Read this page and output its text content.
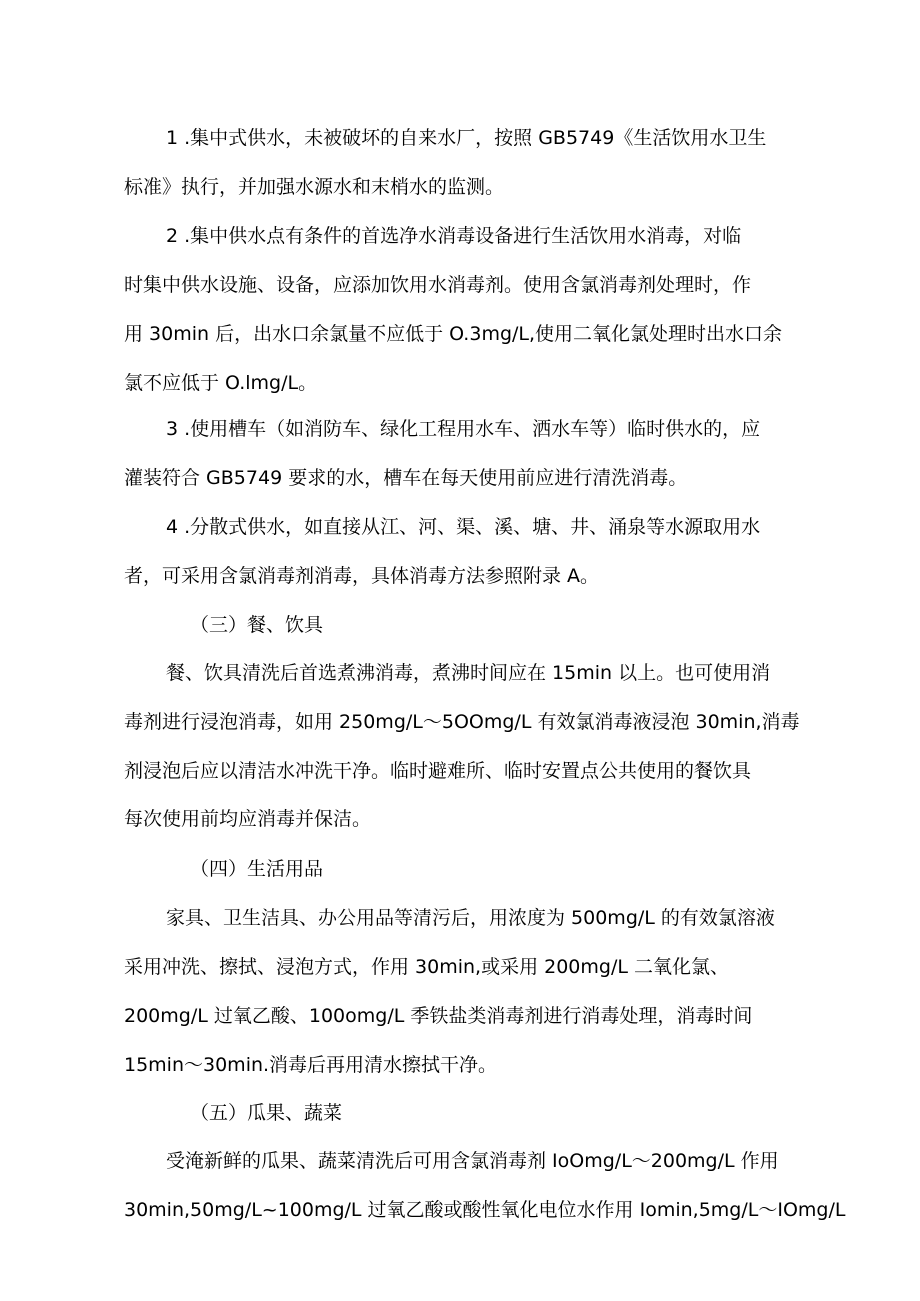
1 .集中式供水，未被破坏的自来水厂，按照 GB5749《生活饮用水卫生
标准》执行，并加强水源水和末梢水的监测。
2 .集中供水点有条件的首选净水消毒设备进行生活饮用水消毒，对临
时集中供水设施、设备，应添加饮用水消毒剂。使用含氯消毒剂处理时，作
用 30min 后，出水口余氯量不应低于 O.3mg/L,使用二氧化氯处理时出水口余
氯不应低于 O.lmg/L。
3 .使用槽车（如消防车、绿化工程用水车、洒水车等）临时供水的，应
灌装符合 GB5749 要求的水，槽车在每天使用前应进行清洗消毒。
4 .分散式供水，如直接从江、河、渠、溪、塘、井、涌泉等水源取用水
者，可采用含氯消毒剂消毒，具体消毒方法参照附录 A。
（三）餐、饮具
餐、饮具清洗后首选煮沸消毒，煮沸时间应在 15min 以上。也可使用消
毒剂进行浸泡消毒，如用 250mg/L〜5OOmg/L 有效氯消毒液浸泡 30min,消毒
剂浸泡后应以清洁水冲洗干净。临时避难所、临时安置点公共使用的餐饮具
每次使用前均应消毒并保洁。
（四）生活用品
家具、卫生洁具、办公用品等清污后，用浓度为 500mg/L 的有效氯溶液
采用冲洗、擦拭、浸泡方式，作用 30min,或采用 200mg/L 二氧化氯、
200mg/L 过氧乙酸、100omg/L 季铁盐类消毒剂进行消毒处理，消毒时间
15min〜30min.消毒后再用清水擦拭干净。
（五）瓜果、蔬菜
受淹新鲜的瓜果、蔬菜清洗后可用含氯消毒剂 IoOmg/L〜200mg/L 作用
30min,50mg/L~100mg/L 过氧乙酸或酸性氧化电位水作用 Iomin,5mg/L〜IOmg/L
